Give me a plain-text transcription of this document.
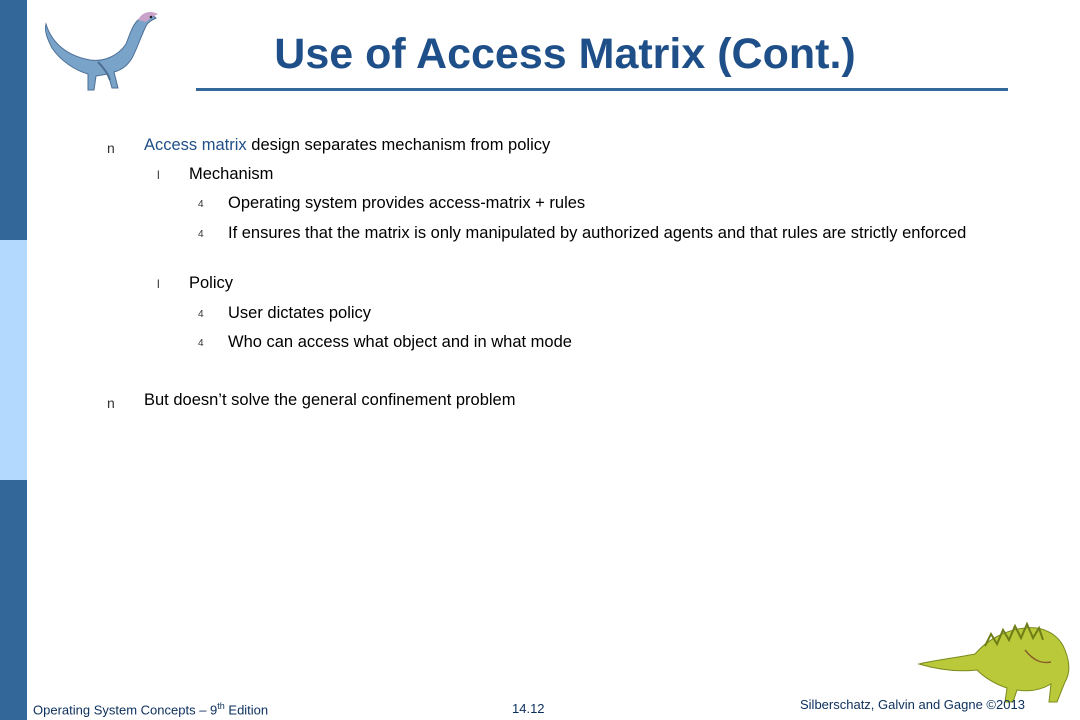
Use of Access Matrix (Cont.)
n Access matrix design separates mechanism from policy
l Mechanism
4 Operating system provides access-matrix + rules
4 If ensures that the matrix is only manipulated by authorized agents and that rules are strictly enforced
l Policy
4 User dictates policy
4 Who can access what object and in what mode
n But doesn’t solve the general confinement problem
Operating System Concepts – 9th Edition	14.12	Silberschatz, Galvin and Gagne ©2013
